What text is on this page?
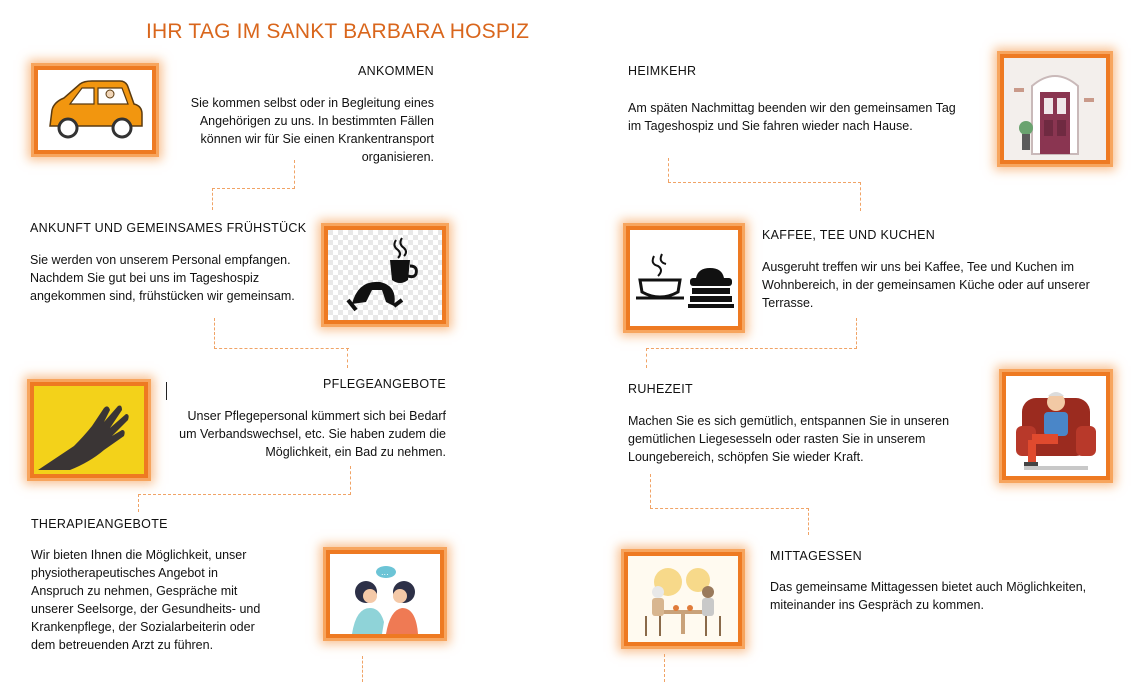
IHR TAG IM SANKT BARBARA HOSPIZ
ANKOMMEN
Sie kommen selbst oder in Begleitung eines
Angehörigen zu uns. In bestimmten Fällen
können wir für Sie einen Krankentransport
organisieren.
ANKUNFT UND GEMEINSAMES FRÜHSTÜCK
Sie werden von unserem Personal empfangen.
Nachdem Sie gut bei uns im Tageshospiz
angekommen sind, frühstücken wir gemeinsam.
PFLEGEANGEBOTE
Unser Pflegepersonal kümmert sich bei Bedarf
um Verbandswechsel, etc. Sie haben zudem die
Möglichkeit, ein Bad zu nehmen.
THERAPIEANGEBOTE
Wir bieten Ihnen die Möglichkeit, unser
physiotherapeutisches Angebot in
Anspruch zu nehmen, Gespräche mit
unserer Seelsorge, der Gesundheits- und
Krankenpflege, der Sozialarbeiterin oder
dem betreuenden Arzt zu führen.
...
HEIMKEHR
Am späten Nachmittag beenden wir den gemeinsamen Tag
im Tageshospiz und Sie fahren wieder nach Hause.
KAFFEE, TEE UND KUCHEN
Ausgeruht treffen wir uns bei Kaffee, Tee und Kuchen im
Wohnbereich, in der gemeinsamen Küche oder auf unserer
Terrasse.
RUHEZEIT
Machen Sie es sich gemütlich, entspannen Sie in unseren
gemütlichen Liegesesseln oder rasten Sie in unserem
Loungebereich, schöpfen Sie wieder Kraft.
MITTAGESSEN
Das gemeinsame Mittagessen bietet auch Möglichkeiten,
miteinander ins Gespräch zu kommen.
